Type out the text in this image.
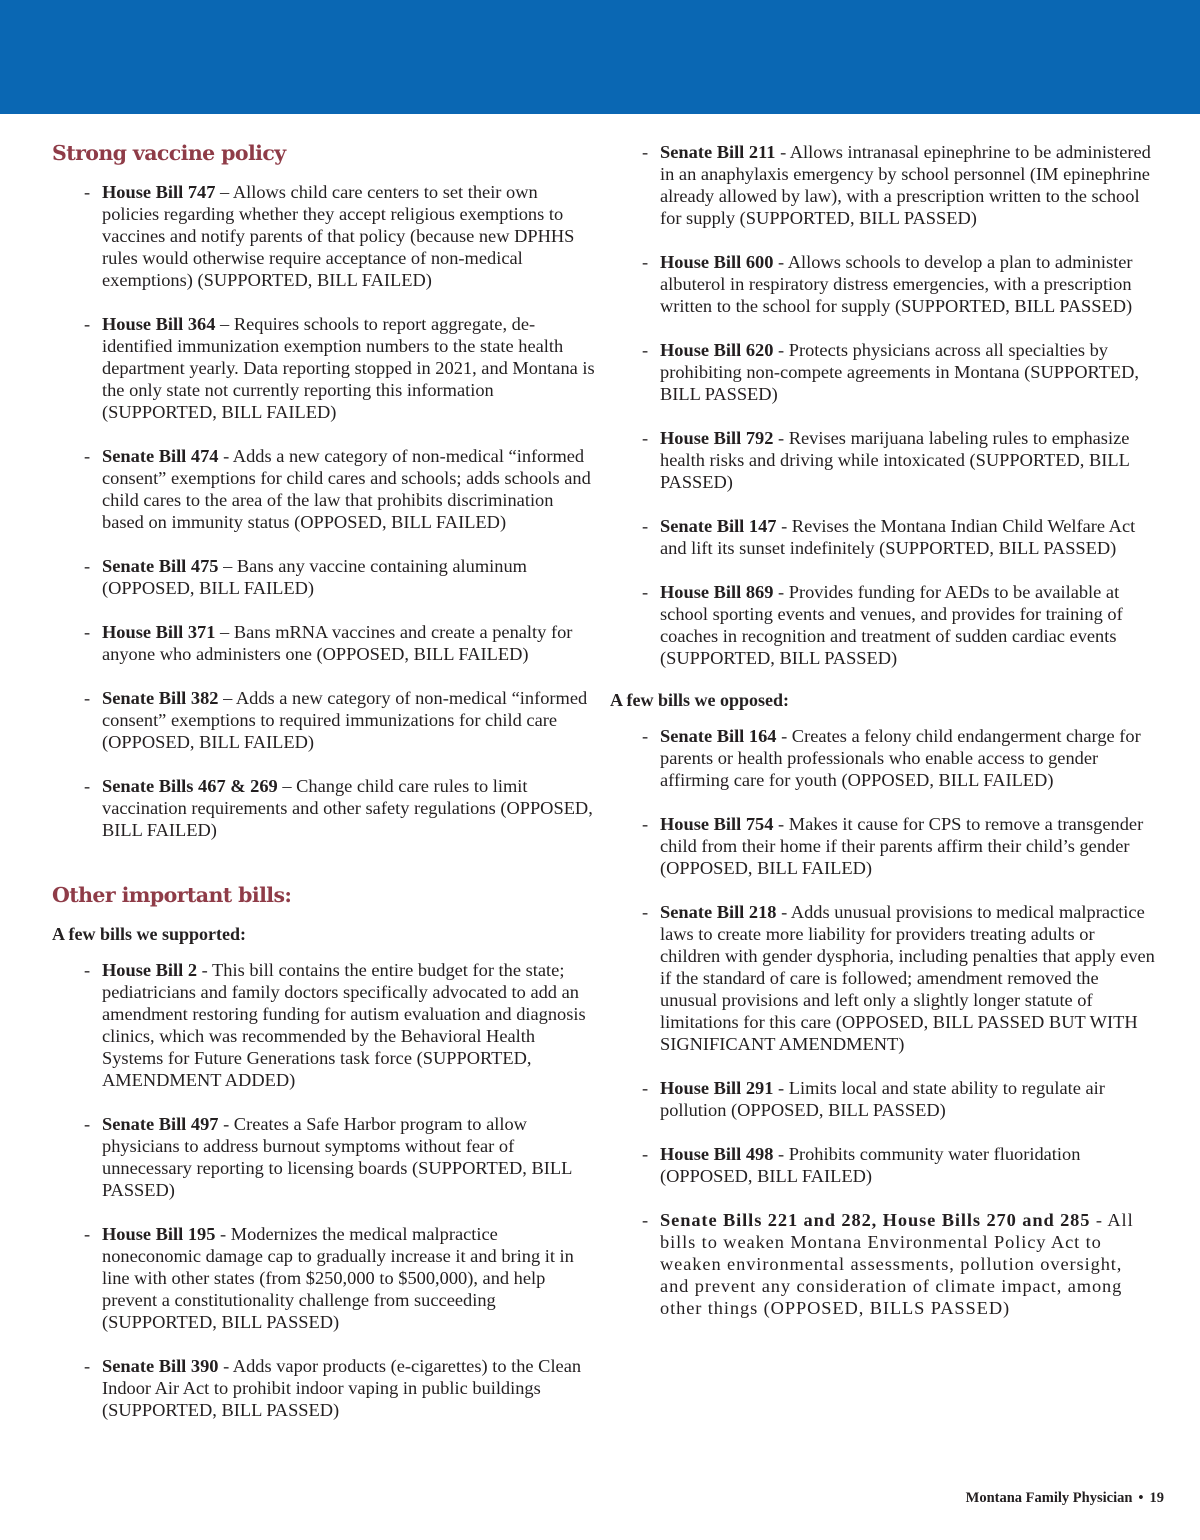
Strong vaccine policy
- House Bill 747 – Allows child care centers to set their own policies regarding whether they accept religious exemptions to vaccines and notify parents of that policy (because new DPHHS rules would otherwise require acceptance of non-medical exemptions) (SUPPORTED, BILL FAILED)
- House Bill 364 – Requires schools to report aggregate, de-identified immunization exemption numbers to the state health department yearly. Data reporting stopped in 2021, and Montana is the only state not currently reporting this information (SUPPORTED, BILL FAILED)
- Senate Bill 474 - Adds a new category of non-medical “informed consent” exemptions for child cares and schools; adds schools and child cares to the area of the law that prohibits discrimination based on immunity status (OPPOSED, BILL FAILED)
- Senate Bill 475 – Bans any vaccine containing aluminum (OPPOSED, BILL FAILED)
- House Bill 371 – Bans mRNA vaccines and create a penalty for anyone who administers one (OPPOSED, BILL FAILED)
- Senate Bill 382 – Adds a new category of non-medical “informed consent” exemptions to required immunizations for child care (OPPOSED, BILL FAILED)
- Senate Bills 467 & 269 – Change child care rules to limit vaccination requirements and other safety regulations (OPPOSED, BILL FAILED)
Other important bills:
A few bills we supported:
- House Bill 2 - This bill contains the entire budget for the state; pediatricians and family doctors specifically advocated to add an amendment restoring funding for autism evaluation and diagnosis clinics, which was recommended by the Behavioral Health Systems for Future Generations task force (SUPPORTED, AMENDMENT ADDED)
- Senate Bill 497 - Creates a Safe Harbor program to allow physicians to address burnout symptoms without fear of unnecessary reporting to licensing boards (SUPPORTED, BILL PASSED)
- House Bill 195 - Modernizes the medical malpractice noneconomic damage cap to gradually increase it and bring it in line with other states (from $250,000 to $500,000), and help prevent a constitutionality challenge from succeeding (SUPPORTED, BILL PASSED)
- Senate Bill 390 - Adds vapor products (e-cigarettes) to the Clean Indoor Air Act to prohibit indoor vaping in public buildings (SUPPORTED, BILL PASSED)
- Senate Bill 211 - Allows intranasal epinephrine to be administered in an anaphylaxis emergency by school personnel (IM epinephrine already allowed by law), with a prescription written to the school for supply (SUPPORTED, BILL PASSED)
- House Bill 600 - Allows schools to develop a plan to administer albuterol in respiratory distress emergencies, with a prescription written to the school for supply (SUPPORTED, BILL PASSED)
- House Bill 620 - Protects physicians across all specialties by prohibiting non-compete agreements in Montana (SUPPORTED, BILL PASSED)
- House Bill 792 - Revises marijuana labeling rules to emphasize health risks and driving while intoxicated (SUPPORTED, BILL PASSED)
- Senate Bill 147 - Revises the Montana Indian Child Welfare Act and lift its sunset indefinitely (SUPPORTED, BILL PASSED)
- House Bill 869 - Provides funding for AEDs to be available at school sporting events and venues, and provides for training of coaches in recognition and treatment of sudden cardiac events (SUPPORTED, BILL PASSED)
A few bills we opposed:
- Senate Bill 164 - Creates a felony child endangerment charge for parents or health professionals who enable access to gender affirming care for youth (OPPOSED, BILL FAILED)
- House Bill 754 - Makes it cause for CPS to remove a transgender child from their home if their parents affirm their child’s gender (OPPOSED, BILL FAILED)
- Senate Bill 218 - Adds unusual provisions to medical malpractice laws to create more liability for providers treating adults or children with gender dysphoria, including penalties that apply even if the standard of care is followed; amendment removed the unusual provisions and left only a slightly longer statute of limitations for this care (OPPOSED, BILL PASSED BUT WITH SIGNIFICANT AMENDMENT)
- House Bill 291 - Limits local and state ability to regulate air pollution (OPPOSED, BILL PASSED)
- House Bill 498 - Prohibits community water fluoridation (OPPOSED, BILL FAILED)
- Senate Bills 221 and 282, House Bills 270 and 285 - All bills to weaken Montana Environmental Policy Act to weaken environmental assessments, pollution oversight, and prevent any consideration of climate impact, among other things (OPPOSED, BILLS PASSED)
Montana Family Physician • 19
